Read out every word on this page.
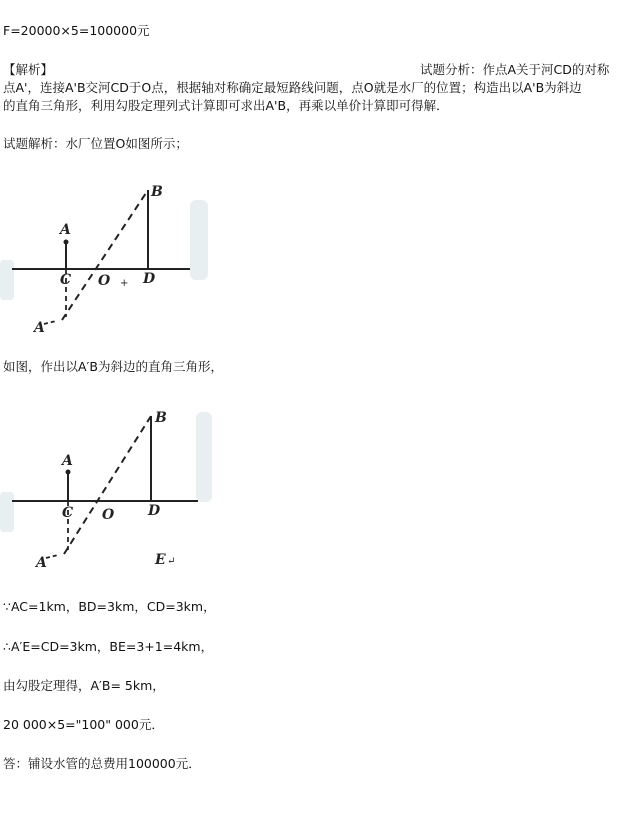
F=20000×5=100000元
【解析】	试题分析：作点A关于河CD的对称
点A'，连接A'B交河CD于O点，根据轴对称确定最短路线问题，点O就是水厂的位置；构造出以A'B为斜边
的直角三角形，利用勾股定理列式计算即可求出A'B，再乘以单价计算即可得解．
试题解析：水厂位置O如图所示；
A
B
C O D
A
+
如图，作出以A′B为斜边的直角三角形，
A
B
C O D
A	E ↵
∵AC=1km，BD=3km，CD=3km，
∴A′E=CD=3km，BE=3+1=4km，
由勾股定理得，A′B= 5km，
20 000×5="100" 000元．
答：铺设水管的总费用100000元．
